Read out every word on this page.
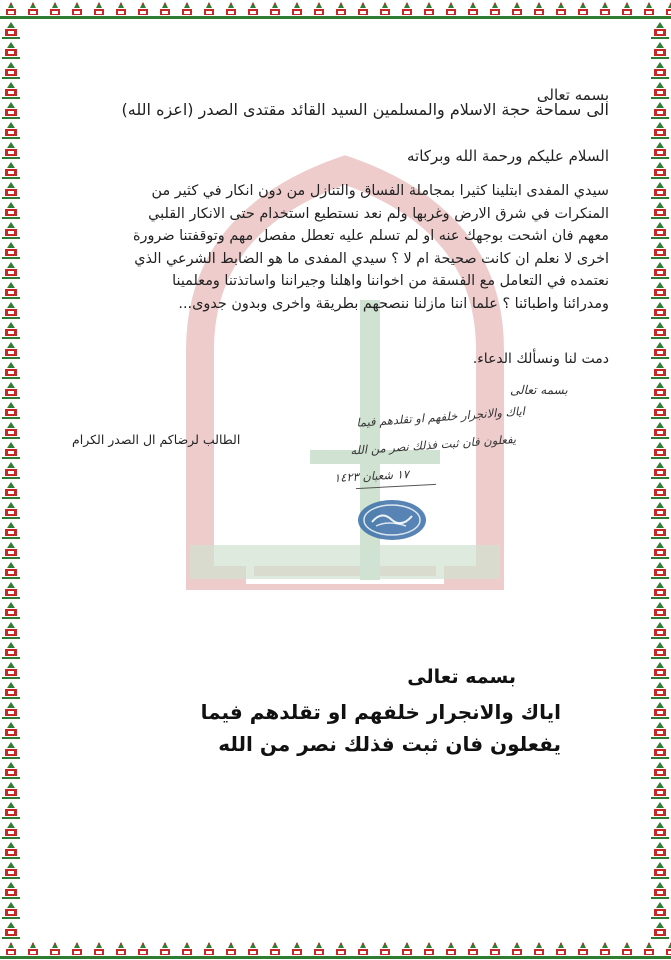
بسمه تعالى
الى سماحة حجة الاسلام والمسلمين السيد القائد مقتدى الصدر (اعزه الله)
السلام عليكم ورحمة الله وبركاته
سيدي المفدى ابتلينا كثيرا بمجاملة الفساق والتنازل من دون انكار في كثير من
المنكرات في شرق الارض وغربها ولم نعد نستطيع استخدام حتى الانكار القلبي
معهم فان اشحت بوجهك عنه او لم تسلم عليه تعطل مفصل مهم وتوقفتنا ضرورة
اخرى لا نعلم ان كانت صحيحة ام لا ؟ سيدي المفدى ما هو الضابط الشرعي الذي
نعتمده في التعامل مع الفسقة من اخواننا واهلنا وجيراننا واساتذتنا ومعلمينا
ومدرائنا واطبائنا ؟ علما اننا مازلنا ننصحهم بطريقة واخرى وبدون جدوى...
دمت لنا ونسألك الدعاء.
الطالب لرضاكم ال الصدر الكرام
بسمه تعالى
اياك والانجرار خلفهم او تقلدهم فيما
يفعلون فان ثبت فذلك نصر من الله
١٧ شعبان ١٤٢٣
بسمه تعالى
اياك والانجرار خلفهم او تقلدهم فيما
يفعلون فان ثبت فذلك نصر من الله
